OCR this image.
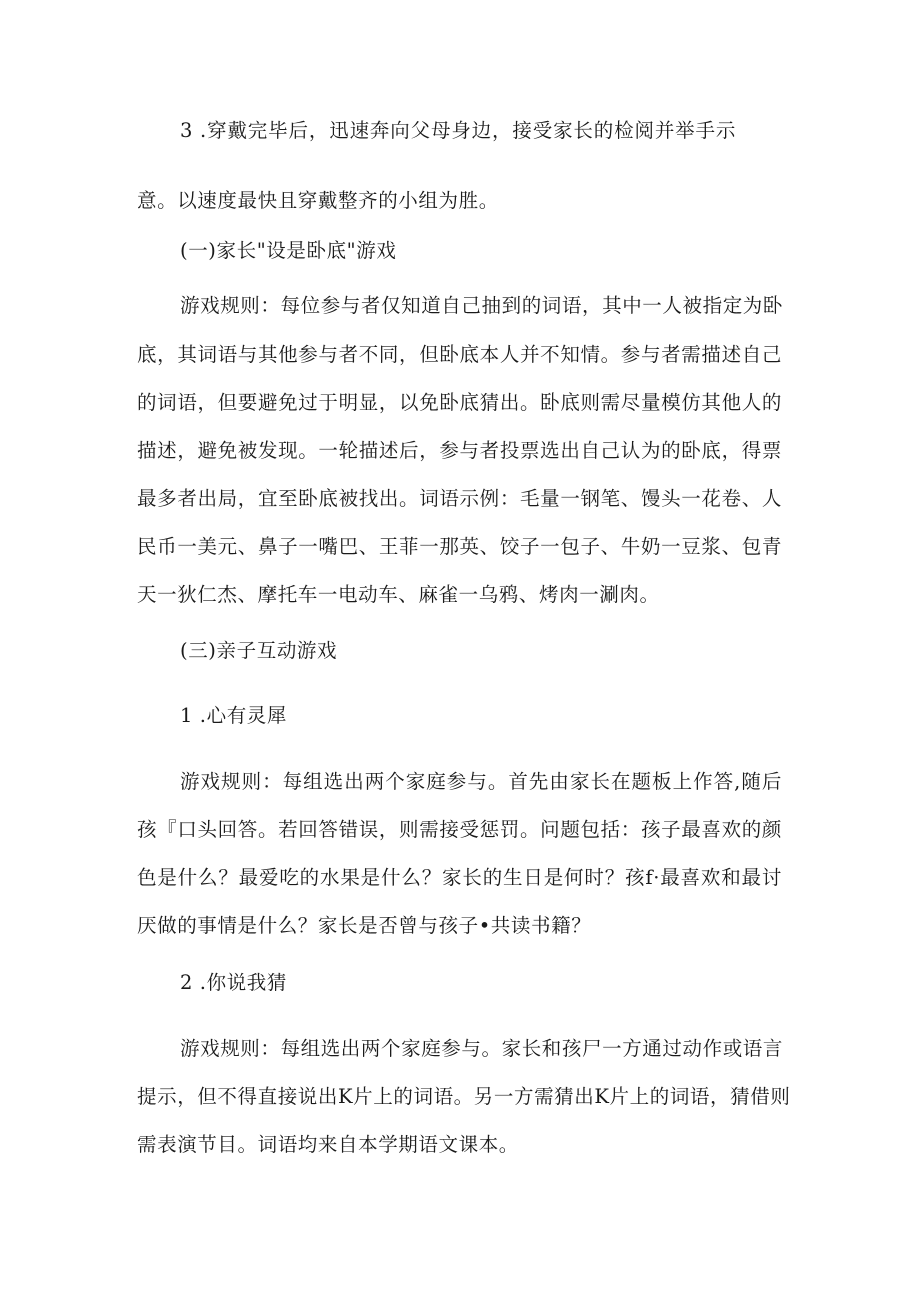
3 .穿戴完毕后，迅速奔向父母身边，接受家长的检阅并举手示
意。以速度最快且穿戴整齐的小组为胜。
(一)家长"设是卧底"游戏
游戏规则：每位参与者仅知道自己抽到的词语，其中一人被指定为卧
底，其词语与其他参与者不同，但卧底本人并不知情。参与者需描述自己
的词语，但要避免过于明显，以免卧底猜出。卧底则需尽量模仿其他人的
描述，避免被发现。一轮描述后，参与者投票选出自己认为的卧底，得票
最多者出局，宜至卧底被找出。词语示例：毛量一钢笔、馒头一花卷、人
民币一美元、鼻子一嘴巴、王菲一那英、饺子一包子、牛奶一豆浆、包青
天一狄仁杰、摩托车一电动车、麻雀一乌鸦、烤肉一涮肉。
(三)亲子互动游戏
1 .心有灵犀
游戏规则：每组选出两个家庭参与。首先由家长在题板上作答,随后
孩『口头回答。若回答错误，则需接受惩罚。问题包括：孩子最喜欢的颜
色是什么？最爱吃的水果是什么？家长的生日是何时？孩f·最喜欢和最讨
厌做的事情是什么？家长是否曾与孩子•共读书籍？
2 .你说我猜
游戏规则：每组选出两个家庭参与。家长和孩尸一方通过动作或语言
提示，但不得直接说出K片上的词语。另一方需猜出K片上的词语，猜借则
需表演节目。词语均来自本学期语文课本。
